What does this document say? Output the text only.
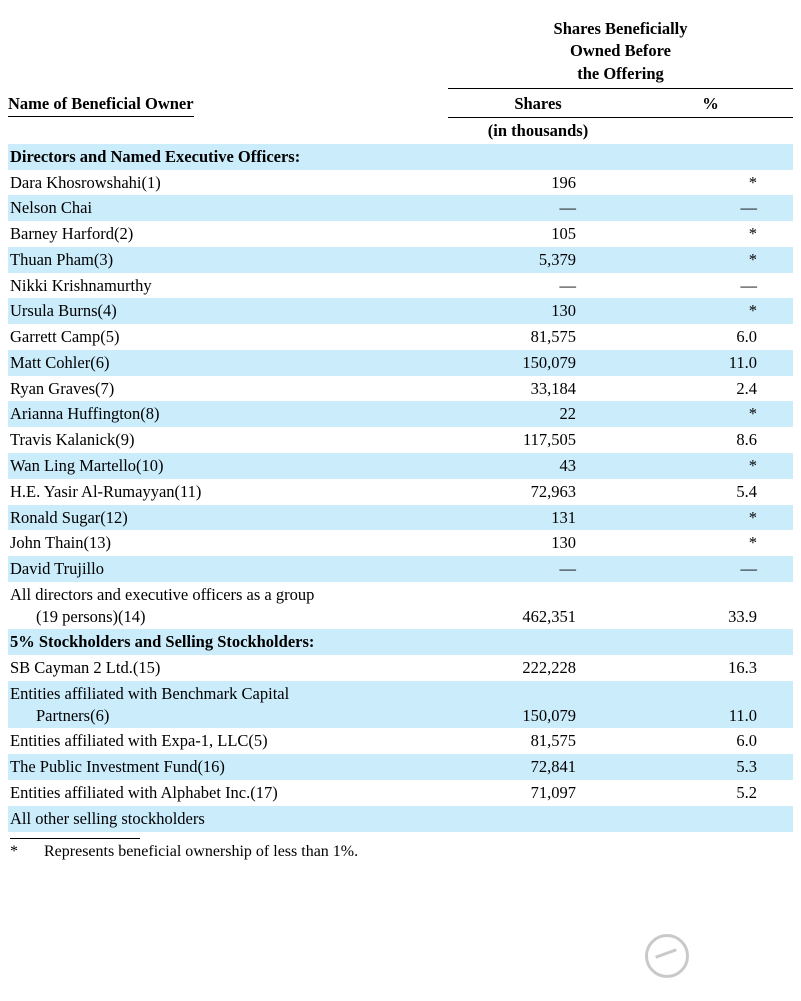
	Shares Beneficially
Owned Before
the Offering	

Name of Beneficial Owner	Shares	%
	(in thousands)	
Directors and Named Executive Officers:		
Dara Khosrowshahi(1)	196	*
Nelson Chai	—	—
Barney Harford(2)	105	*
Thuan Pham(3)	5,379	*
Nikki Krishnamurthy	—	—
Ursula Burns(4)	130	*
Garrett Camp(5)	81,575	6.0
Matt Cohler(6)	150,079	11.0
Ryan Graves(7)	33,184	2.4
Arianna Huffington(8)	22	*
Travis Kalanick(9)	117,505	8.6
Wan Ling Martello(10)	43	*
H.E. Yasir Al-Rumayyan(11)	72,963	5.4
Ronald Sugar(12)	131	*
John Thain(13)	130	*
David Trujillo	—	—
All directors and executive officers as a group
(19 persons)(14)	462,351	33.9
5% Stockholders and Selling Stockholders:		
SB Cayman 2 Ltd.(15)	222,228	16.3
Entities affiliated with Benchmark Capital
Partners(6)	150,079	11.0
Entities affiliated with Expa-1, LLC(5)	81,575	6.0
The Public Investment Fund(16)	72,841	5.3
Entities affiliated with Alphabet Inc.(17)	71,097	5.2
All other selling stockholders		
* Represents beneficial ownership of less than 1%.
